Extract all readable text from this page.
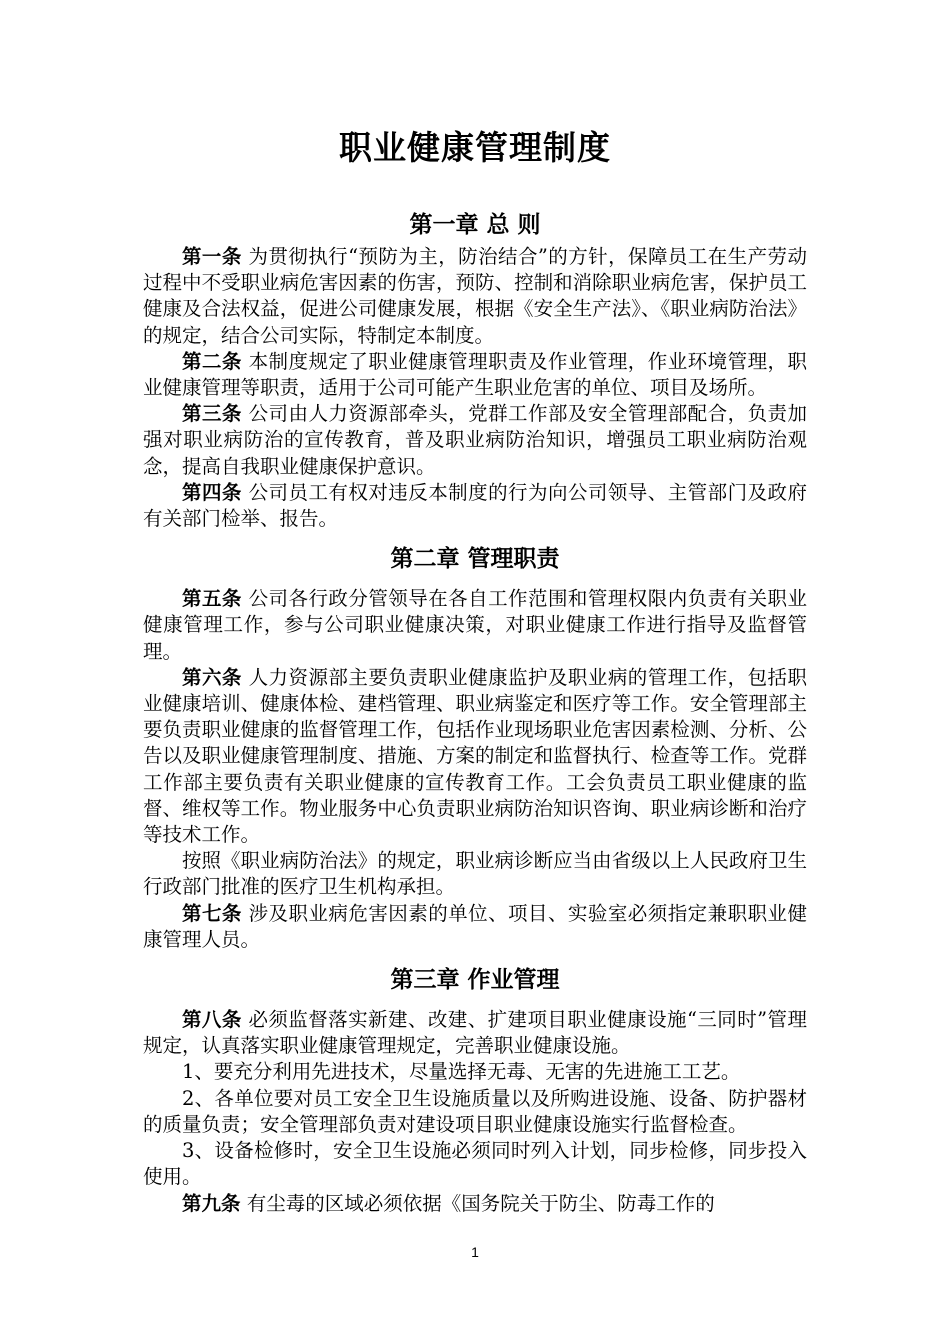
职业健康管理制度
第一章 总 则

第一条 为贯彻执行“预防为主，防治结合”的方针，保障员工在生产劳动过程中不受职业病危害因素的伤害，预防、控制和消除职业病危害，保护员工健康及合法权益，促进公司健康发展，根据《安全生产法》、《职业病防治法》的规定，结合公司实际，特制定本制度。

第二条 本制度规定了职业健康管理职责及作业管理，作业环境管理，职业健康管理等职责，适用于公司可能产生职业危害的单位、项目及场所。

第三条 公司由人力资源部牵头，党群工作部及安全管理部配合，负责加强对职业病防治的宣传教育，普及职业病防治知识，增强员工职业病防治观念，提高自我职业健康保护意识。

第四条 公司员工有权对违反本制度的行为向公司领导、主管部门及政府有关部门检举、报告。

第二章 管理职责

第五条 公司各行政分管领导在各自工作范围和管理权限内负责有关职业健康管理工作，参与公司职业健康决策，对职业健康工作进行指导及监督管理。

第六条 人力资源部主要负责职业健康监护及职业病的管理工作，包括职业健康培训、健康体检、建档管理、职业病鉴定和医疗等工作。安全管理部主要负责职业健康的监督管理工作，包括作业现场职业危害因素检测、分析、公告以及职业健康管理制度、措施、方案的制定和监督执行、检查等工作。党群工作部主要负责有关职业健康的宣传教育工作。工会负责员工职业健康的监督、维权等工作。物业服务中心负责职业病防治知识咨询、职业病诊断和治疗等技术工作。

按照《职业病防治法》的规定，职业病诊断应当由省级以上人民政府卫生行政部门批准的医疗卫生机构承担。

第七条 涉及职业病危害因素的单位、项目、实验室必须指定兼职职业健康管理人员。

第三章 作业管理

第八条 必须监督落实新建、改建、扩建项目职业健康设施“三同时”管理规定，认真落实职业健康管理规定，完善职业健康设施。

1、要充分利用先进技术，尽量选择无毒、无害的先进施工工艺。

2、各单位要对员工安全卫生设施质量以及所购进设施、设备、防护器材的质量负责；安全管理部负责对建设项目职业健康设施实行监督检查。

3、设备检修时，安全卫生设施必须同时列入计划，同步检修，同步投入使用。

第九条 有尘毒的区域必须依据《国务院关于防尘、防毒工作的

1
